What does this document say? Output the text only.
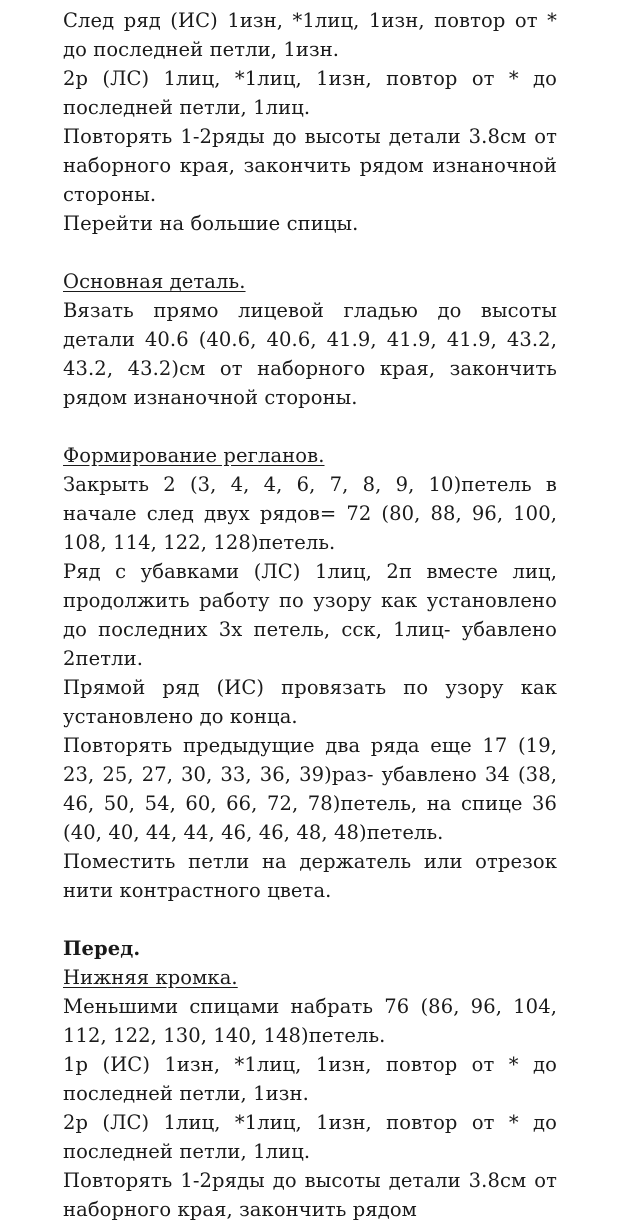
След ряд (ИС) 1изн, *1лиц, 1изн, повтор от * до последней петли, 1изн.

2р (ЛС) 1лиц, *1лиц, 1изн, повтор от * до последней петли, 1лиц.

Повторять 1-2ряды до высоты детали 3.8см от наборного края, закончить рядом изнаночной стороны.

Перейти на большие спицы.

Основная деталь.

Вязать прямо лицевой гладью до высоты детали 40.6 (40.6, 40.6, 41.9, 41.9, 41.9, 43.2, 43.2, 43.2)см от наборного края, закончить рядом изнаночной стороны.

Формирование регланов.

Закрыть 2 (3, 4, 4, 6, 7, 8, 9, 10)петель в начале след двух рядов= 72 (80, 88, 96, 100, 108, 114, 122, 128)петель.

Ряд с убавками (ЛС) 1лиц, 2п вместе лиц, продолжить работу по узору как установлено до последних 3х петель, сск, 1лиц- убавлено 2петли.

Прямой ряд (ИС) провязать по узору как установлено до конца.

Повторять предыдущие два ряда еще 17 (19, 23, 25, 27, 30, 33, 36, 39)раз- убавлено 34 (38, 46, 50, 54, 60, 66, 72, 78)петель, на спице 36 (40, 40, 44, 44, 46, 46, 48, 48)петель.

Поместить петли на держатель или отрезок нити контрастного цвета.

Перед.

Нижняя кромка.

Меньшими спицами набрать 76 (86, 96, 104, 112, 122, 130, 140, 148)петель.

1р (ИС) 1изн, *1лиц, 1изн, повтор от * до последней петли, 1изн.

2р (ЛС) 1лиц, *1лиц, 1изн, повтор от * до последней петли, 1лиц.

Повторять 1-2ряды до высоты детали 3.8см от наборного края, закончить рядом
